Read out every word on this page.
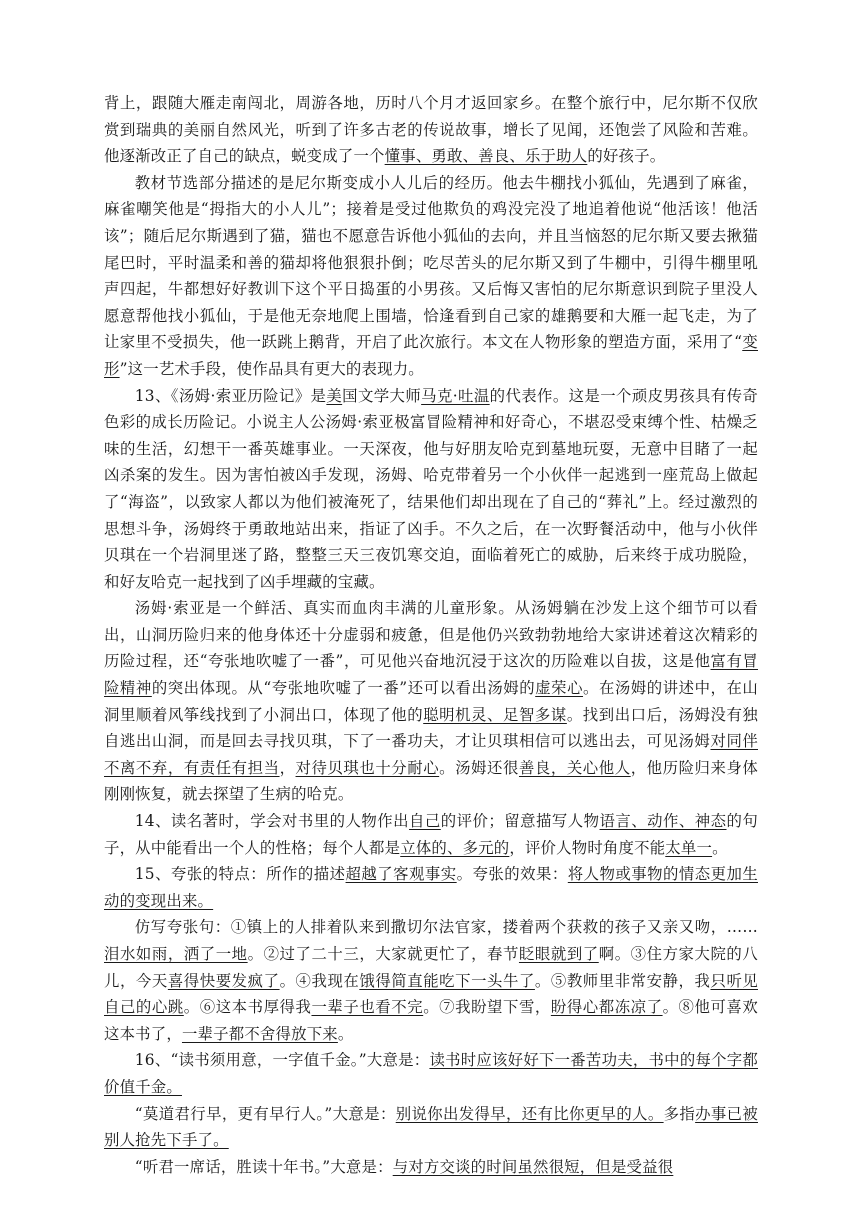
背上，跟随大雁走南闯北，周游各地，历时八个月才返回家乡。在整个旅行中，尼尔斯不仅欣赏到瑞典的美丽自然风光，听到了许多古老的传说故事，增长了见闻，还饱尝了风险和苦难。他逐渐改正了自己的缺点，蜕变成了一个懂事、勇敢、善良、乐于助人的好孩子。

教材节选部分描述的是尼尔斯变成小人儿后的经历。他去牛棚找小狐仙，先遇到了麻雀，麻雀嘲笑他是“拇指大的小人儿”；接着是受过他欺负的鸡没完没了地追着他说“他活该！他活该”；随后尼尔斯遇到了猫，猫也不愿意告诉他小狐仙的去向，并且当恼怒的尼尔斯又要去揪猫尾巴时，平时温柔和善的猫却将他狠狠扑倒；吃尽苦头的尼尔斯又到了牛棚中，引得牛棚里吼声四起，牛都想好好教训下这个平日捣蛋的小男孩。又后悔又害怕的尼尔斯意识到院子里没人愿意帮他找小狐仙，于是他无奈地爬上围墙，恰逢看到自己家的雄鹅要和大雁一起飞走，为了让家里不受损失，他一跃跳上鹅背，开启了此次旅行。本文在人物形象的塑造方面，采用了“变形”这一艺术手段，使作品具有更大的表现力。

13、《汤姆·索亚历险记》是美国文学大师马克·吐温的代表作。这是一个顽皮男孩具有传奇色彩的成长历险记。小说主人公汤姆·索亚极富冒险精神和好奇心，不堪忍受束缚个性、枯燥乏味的生活，幻想干一番英雄事业。一天深夜，他与好朋友哈克到墓地玩耍，无意中目睹了一起凶杀案的发生。因为害怕被凶手发现，汤姆、哈克带着另一个小伙伴一起逃到一座荒岛上做起了“海盗”，以致家人都以为他们被淹死了，结果他们却出现在了自己的“葬礼”上。经过激烈的思想斗争，汤姆终于勇敢地站出来，指证了凶手。不久之后，在一次野餐活动中，他与小伙伴贝琪在一个岩洞里迷了路，整整三天三夜饥寒交迫，面临着死亡的威胁，后来终于成功脱险，和好友哈克一起找到了凶手埋藏的宝藏。

汤姆·索亚是一个鲜活、真实而血肉丰满的儿童形象。从汤姆躺在沙发上这个细节可以看出，山洞历险归来的他身体还十分虚弱和疲惫，但是他仍兴致勃勃地给大家讲述着这次精彩的历险过程，还“夸张地吹嘘了一番”，可见他兴奋地沉浸于这次的历险难以自拔，这是他富有冒险精神的突出体现。从“夸张地吹嘘了一番”还可以看出汤姆的虚荣心。在汤姆的讲述中，在山洞里顺着风筝线找到了小洞出口，体现了他的聪明机灵、足智多谋。找到出口后，汤姆没有独自逃出山洞，而是回去寻找贝琪，下了一番功夫，才让贝琪相信可以逃出去，可见汤姆对同伴不离不弃，有责任有担当，对待贝琪也十分耐心。汤姆还很善良，关心他人，他历险归来身体刚刚恢复，就去探望了生病的哈克。

14、读名著时，学会对书里的人物作出自己的评价；留意描写人物语言、动作、神态的句子，从中能看出一个人的性格；每个人都是立体的、多元的，评价人物时角度不能太单一。

15、夸张的特点：所作的描述超越了客观事实。夸张的效果：将人物或事物的情态更加生动的变现出来。

仿写夸张句：①镇上的人排着队来到撒切尔法官家，搂着两个获救的孩子又亲又吻，……泪水如雨，洒了一地。②过了二十三，大家就更忙了，春节眨眼就到了啊。③住方家大院的八儿，今天喜得快要发疯了。④我现在饿得简直能吃下一头牛了。⑤教师里非常安静，我只听见自己的心跳。⑥这本书厚得我一辈子也看不完。⑦我盼望下雪，盼得心都冻凉了。⑧他可喜欢这本书了，一辈子都不舍得放下来。

16、“读书须用意，一字值千金。”大意是：读书时应该好好下一番苦功夫，书中的每个字都价值千金。

“莫道君行早，更有早行人。”大意是：别说你出发得早，还有比你更早的人。多指办事已被别人抢先下手了。

“听君一席话，胜读十年书。”大意是：与对方交谈的时间虽然很短，但是受益很
